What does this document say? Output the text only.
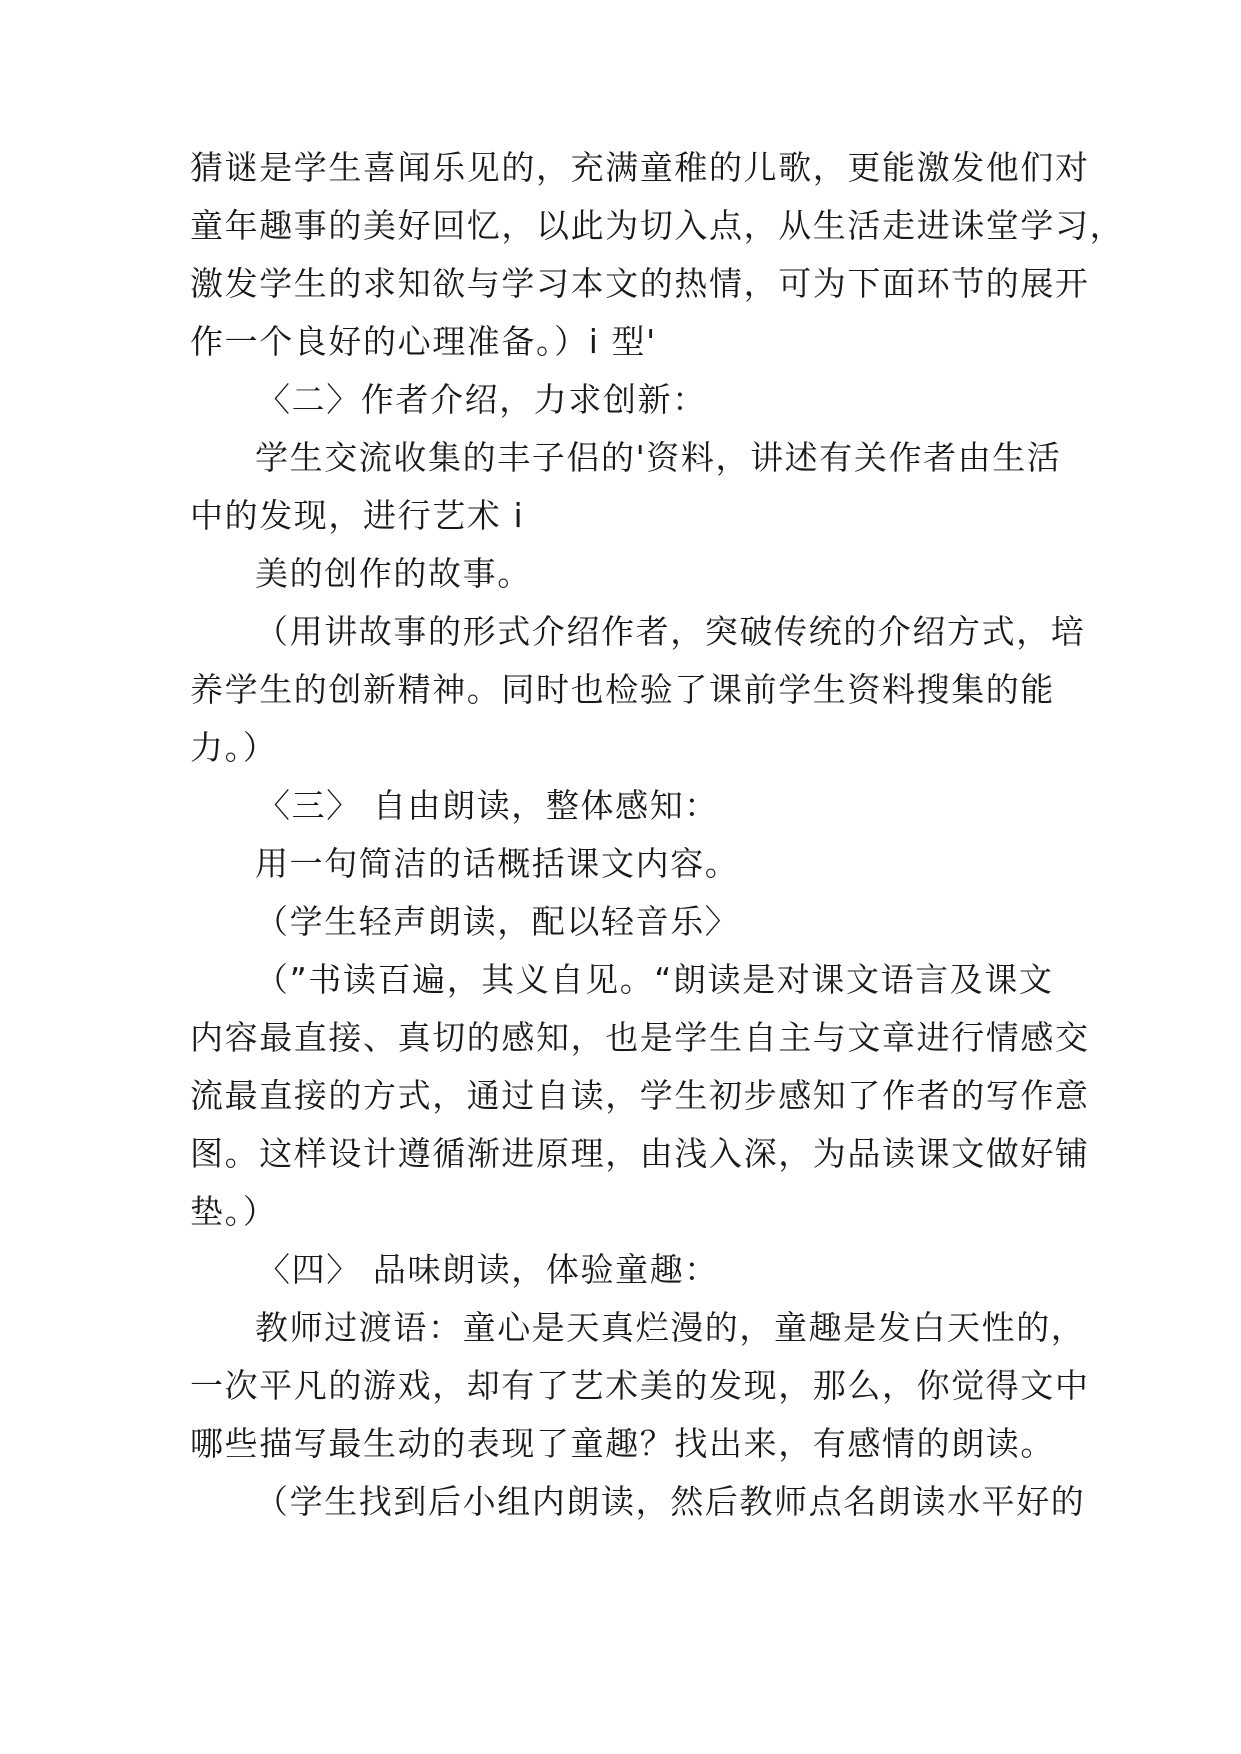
猜谜是学生喜闻乐见的，充满童稚的儿歌，更能激发他们对
童年趣事的美好回忆，以此为切入点，从生活走进诛堂学习，
激发学生的求知欲与学习本文的热情，可为下面环节的展开
作一个良好的心理准备。）i 型'
〈二〉作者介绍，力求创新：
学生交流收集的丰子侣的'资料，讲述有关作者由生活
中的发现，进行艺术 i
美的创作的故事。
（用讲故事的形式介绍作者，突破传统的介绍方式，培
养学生的创新精神。同时也检验了课前学生资料搜集的能
力。）
〈三〉 自由朗读，整体感知：
用一句简洁的话概括课文内容。
（学生轻声朗读，配以轻音乐〉
（”书读百遍，其义自见。“朗读是对课文语言及课文
内容最直接、真切的感知，也是学生自主与文章进行情感交
流最直接的方式，通过自读，学生初步感知了作者的写作意
图。这样设计遵循渐进原理，由浅入深，为品读课文做好铺
垫。）
〈四〉 品味朗读，体验童趣：
教师过渡语：童心是天真烂漫的，童趣是发白天性的，
一次平凡的游戏，却有了艺术美的发现，那么，你觉得文中
哪些描写最生动的表现了童趣？找出来，有感情的朗读。
（学生找到后小组内朗读，然后教师点名朗读水平好的
